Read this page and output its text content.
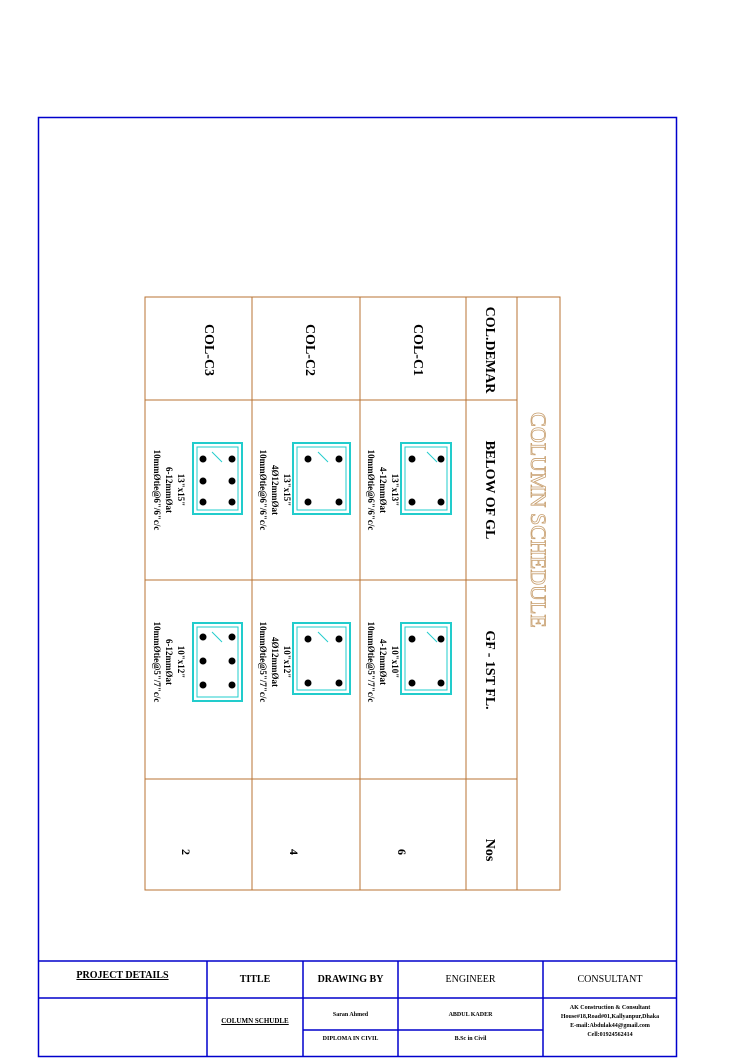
COLUMN SCHEDULE
COL.DEMAR
BELOW OF GL
GF - 1ST FL.
Nos
COL-C1
COL-C2
COL-C3
6
4
2
13"x13"
4-12mmØat
10mmØtie@6"/6"c/c
10"x10"
4-12mmØat
10mmØtie@5"/7"c/c
13"x15"
4Ø12mmØat
10mmØtie@6"/6"c/c
10"x12"
4Ø12mmØat
10mmØtie@5"/7"c/c
13"x15"
6-12mmØat
10mmØtie@6"/6"c/c
10"x12"
6-12mmØat
10mmØtie@5"/7"c/c
PROJECT DETAILS	TITLE
COLUMN SCHUDLE
DRAWING BY
Saran Ahmed
DIPLOMA IN CIVIL
ENGINEER
ABDUL KADER
B.Sc in Civil
CONSULTANT
AK Construction & Consultant
House#18,Road#01,Kallyanpur,Dhaka
E-mail:Abdulak44@gmail.com
Cell:01924562414
